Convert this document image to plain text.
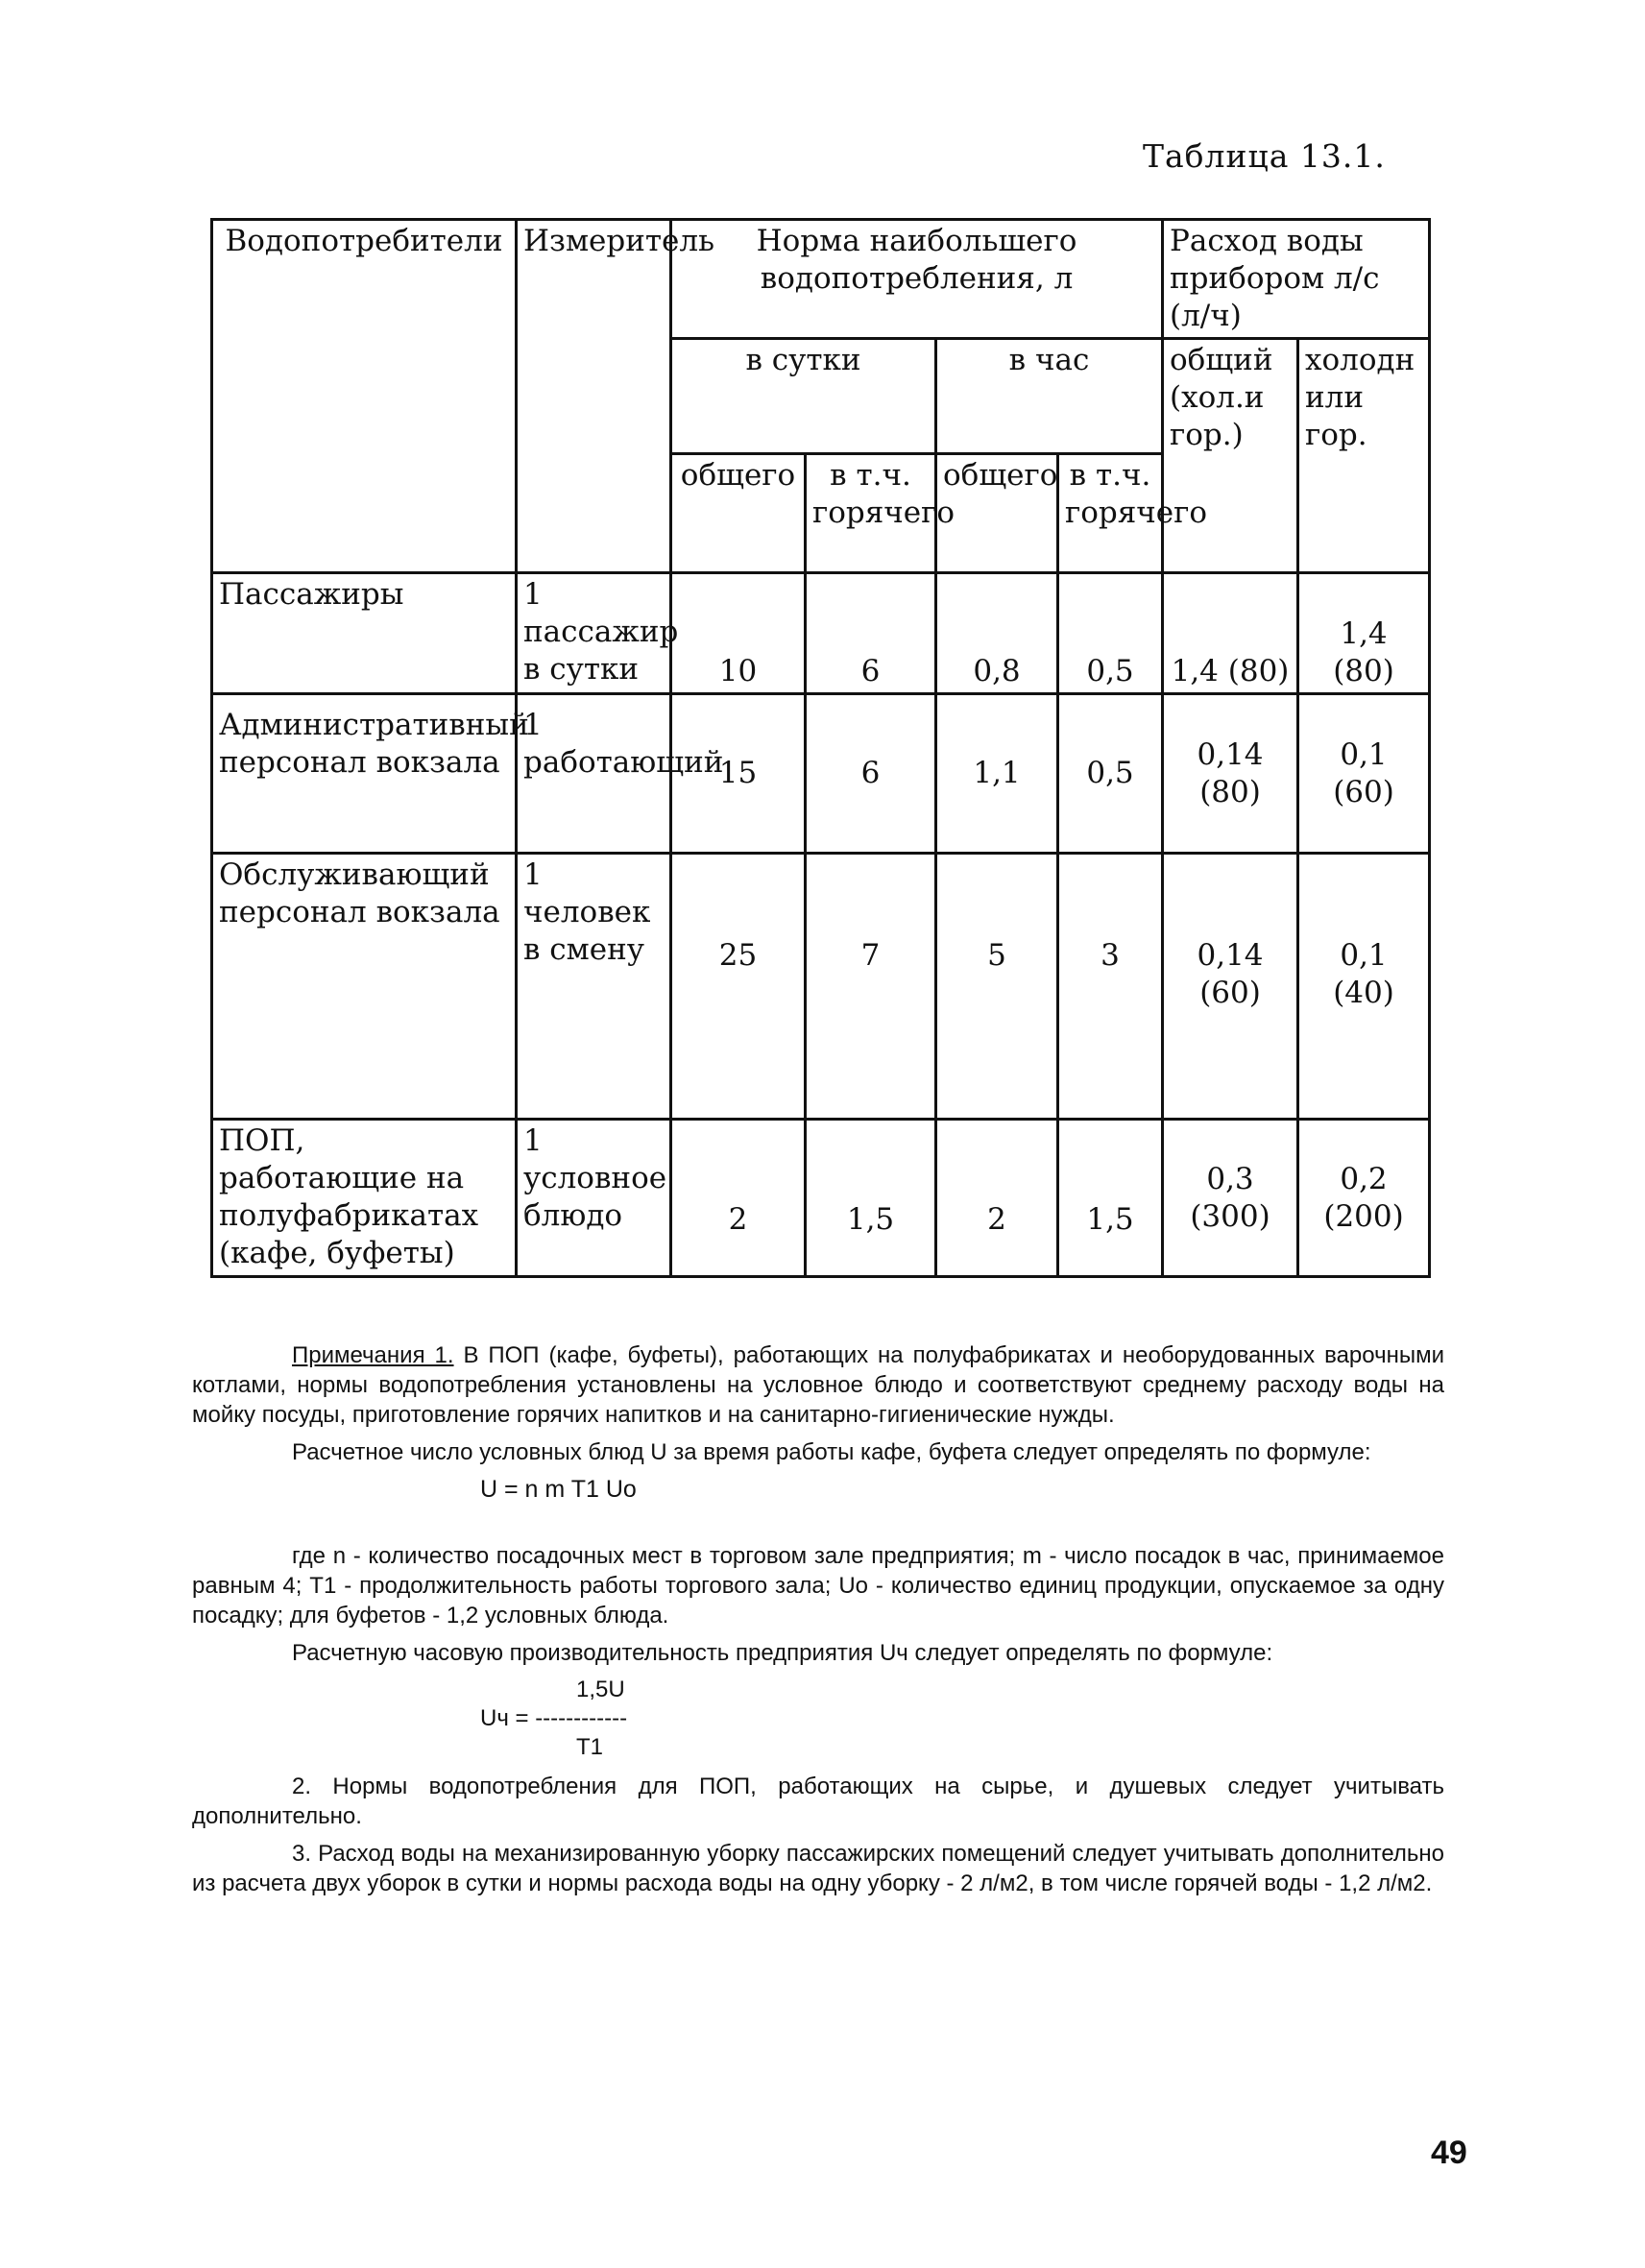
Таблица 13.1.
Водопотребители	Измеритель	Норма наибольшего водопотребления, л				Расход воды прибором л/с (л/ч)	
		в сутки		в час		общий (хол.и гор.)	холодн или гор.
		общего	в т.ч. горячего	общего	в т.ч. горячего		
Пассажиры	1 пассажир в сутки	10	6	0,8	0,5	1,4 (80)	1,4 (80)
Административный персонал вокзала	1 работающий	15	6	1,1	0,5	0,14 (80)	0,1 (60)
Обслуживающий персонал вокзала	1 человек в смену	25	7	5	3	0,14 (60)	0,1 (40)
ПОП, работающие на полуфабрикатах (кафе, буфеты)	1 условное блюдо	2	1,5	2	1,5	0,3 (300)	0,2 (200)

Примечания 1. В ПОП (кафе, буфеты), работающих на полуфабрикатах и необорудованных варочными котлами, нормы водопотребления установлены на условное блюдо и соответствуют среднему расходу воды на мойку посуды, приготовление горячих напитков и на санитарно-гигиенические нужды.

Расчетное число условных блюд U за время работы кафе, буфета следует определять по формуле:

U = n m T1 Uo

где n - количество посадочных мест в торговом зале предприятия; m - число посадок в час, принимаемое равным 4; T1 - продолжительность работы торгового зала; Uo - количество единиц продукции, опускаемое за одну посадку; для буфетов - 1,2 условных блюда.

Расчетную часовую производительность предприятия Uч следует определять по формуле:

1,5U
Uч = ------------
T1

2. Нормы водопотребления для ПОП, работающих на сырье, и душевых следует учитывать дополнительно.

3. Расход воды на механизированную уборку пассажирских помещений следует учитывать дополнительно из расчета двух уборок в сутки и нормы расхода воды на одну уборку - 2 л/м2, в том числе горячей воды - 1,2 л/м2.

49
